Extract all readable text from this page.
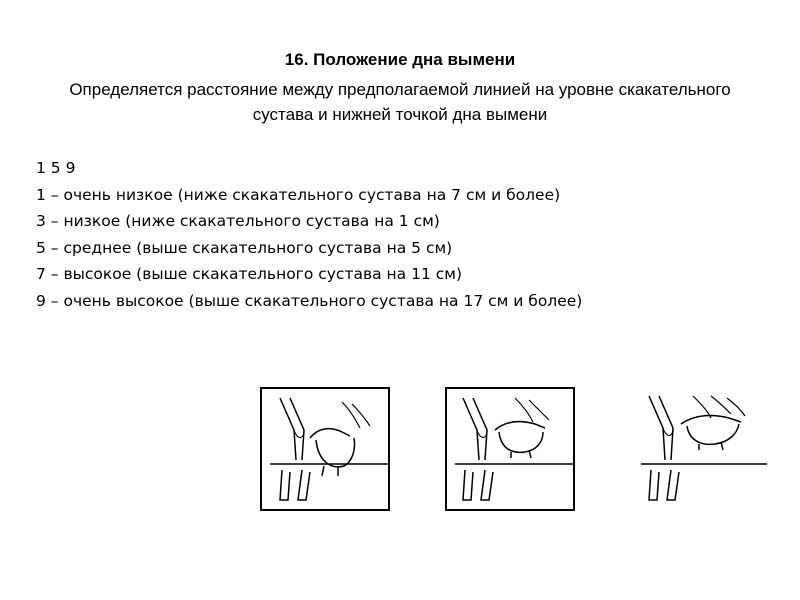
16. Положение дна вымени
Определяется расстояние между предполагаемой линией на уровне скакательного сустава и нижней точкой дна вымени
1 5 9
1 – очень низкое (ниже скакательного сустава на 7 см и более)
3 – низкое (ниже скакательного сустава на 1 см)
5 – среднее (выше скакательного сустава на 5 см)
7 – высокое (выше скакательного сустава на 11 см)
9 – очень высокое (выше скакательного сустава на 17 см и более)
